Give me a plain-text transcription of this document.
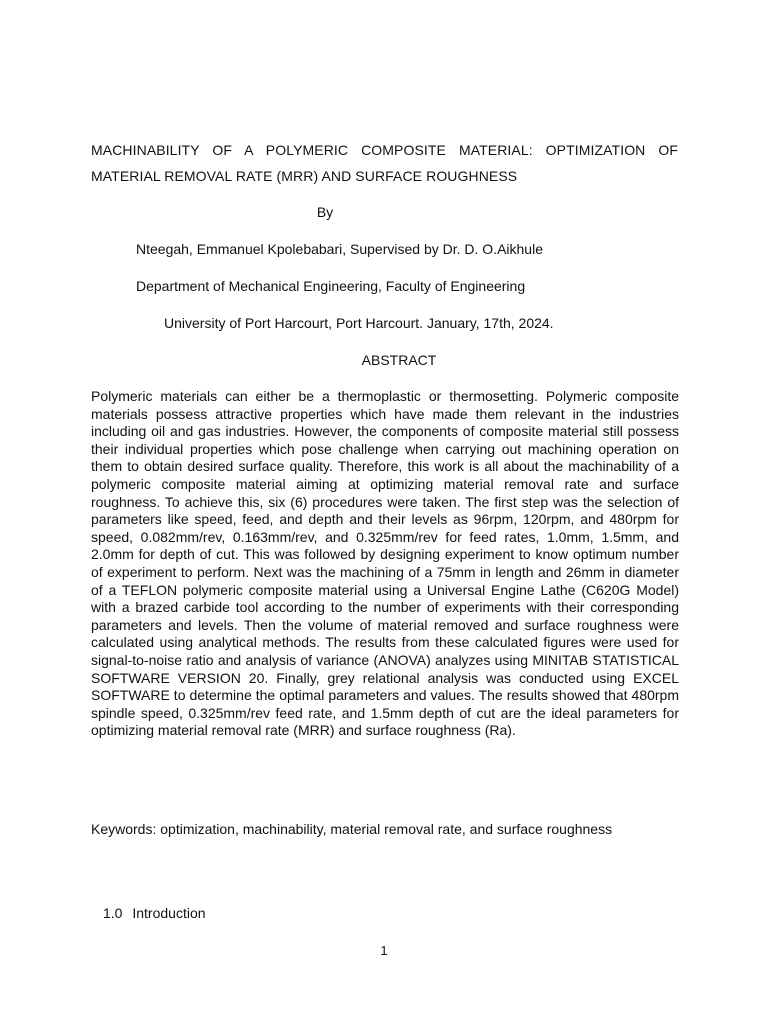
MACHINABILITY OF A POLYMERIC COMPOSITE MATERIAL: OPTIMIZATION OF MATERIAL REMOVAL RATE (MRR) AND SURFACE ROUGHNESS
By
Nteegah, Emmanuel Kpolebabari, Supervised by Dr. D. O.Aikhule
Department of Mechanical Engineering, Faculty of Engineering
University of Port Harcourt, Port Harcourt. January, 17th, 2024.
ABSTRACT
Polymeric materials can either be a thermoplastic or thermosetting. Polymeric composite materials possess attractive properties which have made them relevant in the industries including oil and gas industries. However, the components of composite material still possess their individual properties which pose challenge when carrying out machining operation on them to obtain desired surface quality. Therefore, this work is all about the machinability of a polymeric composite material aiming at optimizing material removal rate and surface roughness. To achieve this, six (6) procedures were taken. The first step was the selection of parameters like speed, feed, and depth and their levels as 96rpm, 120rpm, and 480rpm for speed, 0.082mm/rev, 0.163mm/rev, and 0.325mm/rev for feed rates, 1.0mm, 1.5mm, and 2.0mm for depth of cut. This was followed by designing experiment to know optimum number of experiment to perform. Next was the machining of a 75mm in length and 26mm in diameter of a TEFLON polymeric composite material using a Universal Engine Lathe (C620G Model) with a brazed carbide tool according to the number of experiments with their corresponding parameters and levels. Then the volume of material removed and surface roughness were calculated using analytical methods. The results from these calculated figures were used for signal-to-noise ratio and analysis of variance (ANOVA) analyzes using MINITAB STATISTICAL SOFTWARE VERSION 20. Finally, grey relational analysis was conducted using EXCEL SOFTWARE to determine the optimal parameters and values. The results showed that 480rpm spindle speed, 0.325mm/rev feed rate, and 1.5mm depth of cut are the ideal parameters for optimizing material removal rate (MRR) and surface roughness (Ra).
Keywords: optimization, machinability, material removal rate, and surface roughness
1.0 Introduction
1
